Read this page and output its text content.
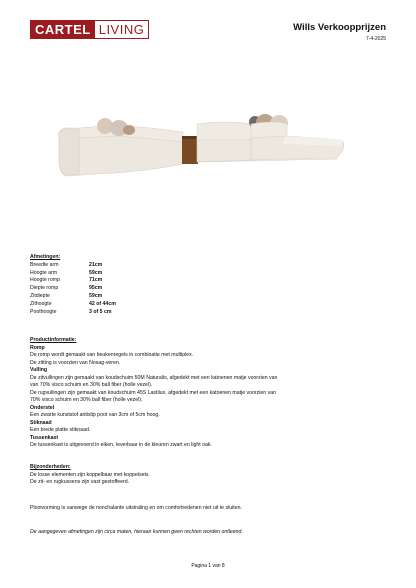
CARTEL LIVING	Wills Verkoopprijzen
7-4-2025
Afmetingen:
Breedte arm	21cm
Hoogte arm	59cm
Hoogte romp	71cm
Diepte romp	95cm
Zitdiepte	59cm
Zithoogte	42 of 44cm
Poothoogte	3 of 5 cm
Productinformatie:
Romp
De romp wordt gemaakt van beukenregels in combinatie met multiplex.
De zitting is voorzien van Nosag-veren.
Vulling
De zitvullingen zijn gemaakt van koudschuim 50M Naturalis, afgedekt met een katoenen matje voorzien van
van 70% visco schuim en 30% ball fiber (holle vezel).
De rugvullingen zijn gemaakt van koudschuim 45S Lastilux, afgedekt met een katoenen matje voorzien van
70% visco schuim en 30% ball fiber (holle vezel).
Onderstel
Een zwarte kunststof antislip poot van 3cm of 5cm hoog.
Stiknaad
Een brede platte stiknaad.
Tussenkast
De tussenkast is uitgevoerd in eiken, leverbaar in de kleuren zwart en light oak.
Bijzonderheden:
De losse elementen zijn koppelbaar met koppelsets.
De zit- en rugkussens zijn vast gestoffeerd.
Plooivorming is vanwege de nonchalante uitstraling en om comfortredenen niet uit te sluiten.
De aangegeven afmetingen zijn circa maten, hieraan kunnen geen rechten worden ontleend.
Pagina 1 van 8
